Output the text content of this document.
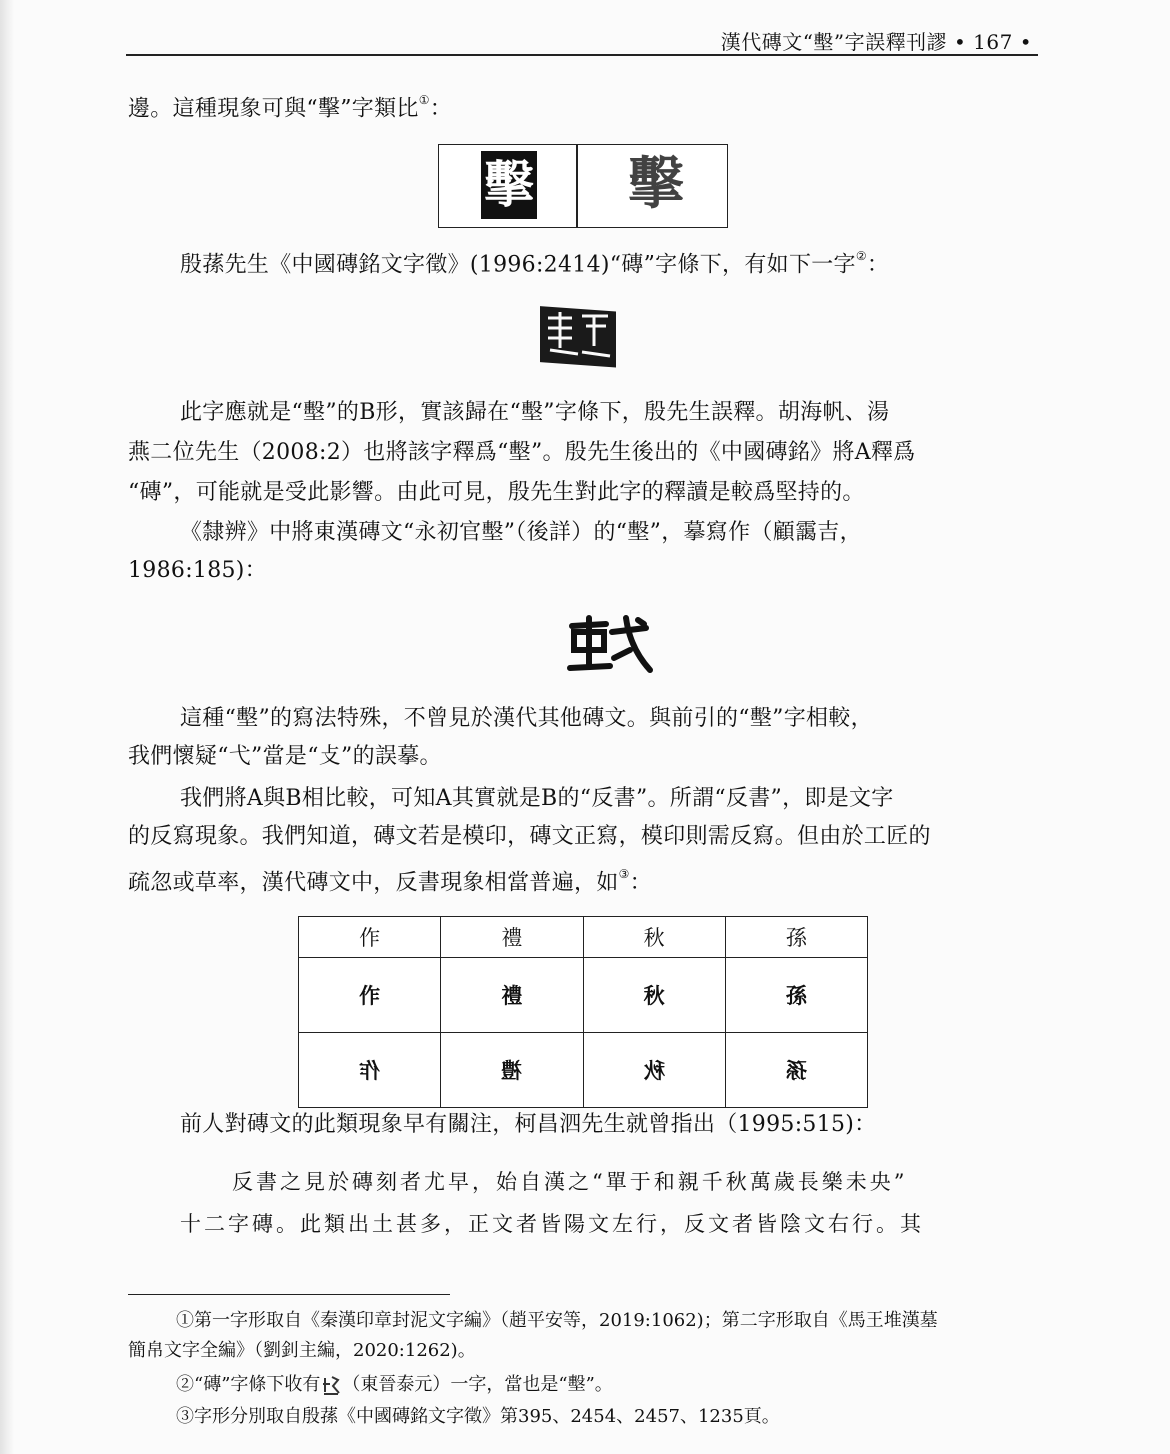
漢代磚文“墼”字誤釋刊謬 • 167 •
邊。這種現象可與“擊”字類比①：
擊 擊
殷蓀先生《中國磚銘文字徵》(1996:2414)“磚”字條下，有如下一字②：
此字應就是“墼”的B形，實該歸在“墼”字條下，殷先生誤釋。胡海帆、湯
燕二位先生（2008:2）也將該字釋爲“墼”。殷先生後出的《中國磚銘》將A釋爲
“磚”，可能就是受此影響。由此可見，殷先生對此字的釋讀是較爲堅持的。
《隸辨》中將東漢磚文“永初官墼”（後詳）的“墼”，摹寫作（顧靄吉，
1986:185)：
這種“墼”的寫法特殊，不曾見於漢代其他磚文。與前引的“墼”字相較，
我們懷疑“弋”當是“攴”的誤摹。
我們將A與B相比較，可知A其實就是B的“反書”。所謂“反書”，即是文字
的反寫現象。我們知道，磚文若是模印，磚文正寫，模印則需反寫。但由於工匠的
疏忽或草率，漢代磚文中，反書現象相當普遍，如③：
作	禮	秋	孫
作	禮	秋	孫
作	禮	秋	孫
前人對磚文的此類現象早有關注，柯昌泗先生就曾指出（1995:515)：
反書之見於磚刻者尤早，始自漢之“單于和親千秋萬歲長樂未央”
十二字磚。此類出土甚多，正文者皆陽文左行，反文者皆陰文右行。其
①第一字形取自《秦漢印章封泥文字編》（趙平安等，2019:1062)；第二字形取自《馬王堆漢墓
簡帛文字全編》（劉釗主編，2020:1262)。
②“磚”字條下收有 （東晉泰元）一字，當也是“墼”。
③字形分別取自殷蓀《中國磚銘文字徵》第395、2454、2457、1235頁。
